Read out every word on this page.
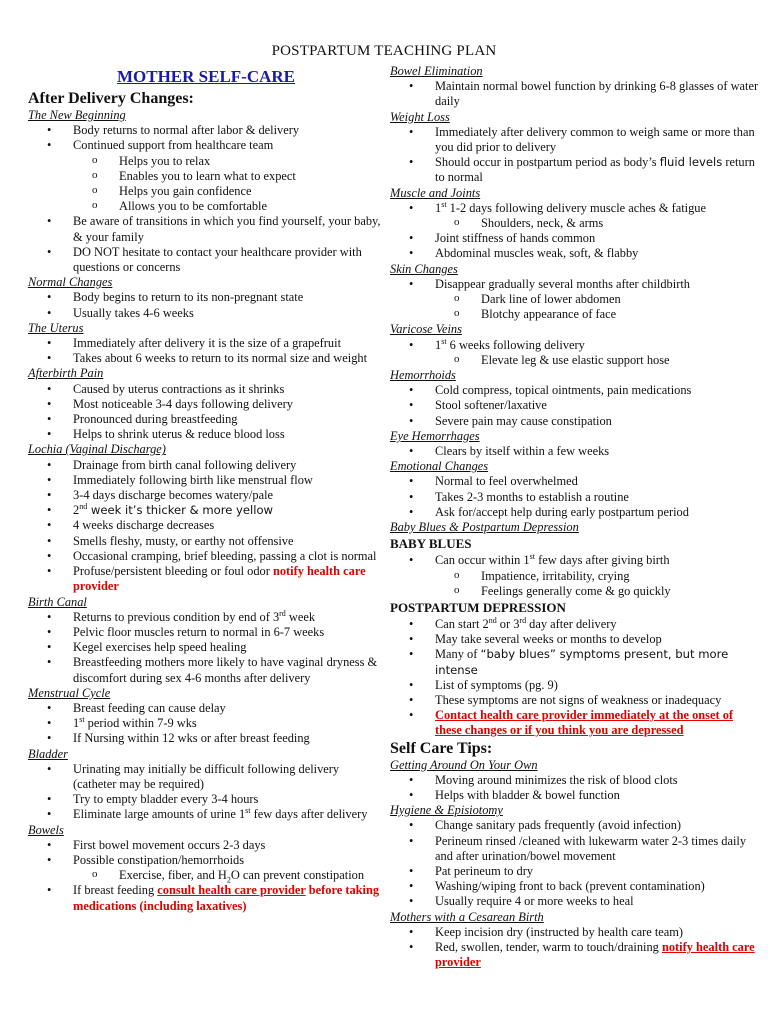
POSTPARTUM TEACHING PLAN
MOTHER SELF-CARE
After Delivery Changes:
The New Beginning
• Body returns to normal after labor & delivery
• Continued support from healthcare team
o Helps you to relax
o Enables you to learn what to expect
o Helps you gain confidence
o Allows you to be comfortable
• Be aware of transitions in which you find yourself, your baby, & your family
• DO NOT hesitate to contact your healthcare provider with questions or concerns
Normal Changes
• Body begins to return to its non-pregnant state
• Usually takes 4-6 weeks
The Uterus
• Immediately after delivery it is the size of a grapefruit
• Takes about 6 weeks to return to its normal size and weight
Afterbirth Pain
• Caused by uterus contractions as it shrinks
• Most noticeable 3-4 days following delivery
• Pronounced during breastfeeding
• Helps to shrink uterus & reduce blood loss
Lochia (Vaginal Discharge)
• Drainage from birth canal following delivery
• Immediately following birth like menstrual flow
• 3-4 days discharge becomes watery/pale
• 2nd week it’s thicker & more yellow
• 4 weeks discharge decreases
• Smells fleshy, musty, or earthy not offensive
• Occasional cramping, brief bleeding, passing a clot is normal
• Profuse/persistent bleeding or foul odor notify health care provider
Birth Canal
• Returns to previous condition by end of 3rd week
• Pelvic floor muscles return to normal in 6-7 weeks
• Kegel exercises help speed healing
• Breastfeeding mothers more likely to have vaginal dryness & discomfort during sex 4-6 months after delivery
Menstrual Cycle
• Breast feeding can cause delay
• 1st period within 7-9 wks
• If Nursing within 12 wks or after breast feeding
Bladder
• Urinating may initially be difficult following delivery (catheter may be required)
• Try to empty bladder every 3-4 hours
• Eliminate large amounts of urine 1st few days after delivery
Bowels
• First bowel movement occurs 2-3 days
• Possible constipation/hemorrhoids
o Exercise, fiber, and $H_2O$ can prevent constipation
• If breast feeding consult health care provider before taking medications (including laxatives)
Bowel Elimination
• Maintain normal bowel function by drinking 6-8 glasses of water daily
Weight Loss
• Immediately after delivery common to weigh same or more than you did prior to delivery
• Should occur in postpartum period as body’s fluid levels return to normal
Muscle and Joints
• 1st 1-2 days following delivery muscle aches & fatigue
o Shoulders, neck, & arms
• Joint stiffness of hands common
• Abdominal muscles weak, soft, & flabby
Skin Changes
• Disappear gradually several months after childbirth
o Dark line of lower abdomen
o Blotchy appearance of face
Varicose Veins
• 1st 6 weeks following delivery
o Elevate leg & use elastic support hose
Hemorrhoids
• Cold compress, topical ointments, pain medications
• Stool softener/laxative
• Severe pain may cause constipation
Eye Hemorrhages
• Clears by itself within a few weeks
Emotional Changes
• Normal to feel overwhelmed
• Takes 2-3 months to establish a routine
• Ask for/accept help during early postpartum period
Baby Blues & Postpartum Depression
BABY BLUES
• Can occur within 1st few days after giving birth
o Impatience, irritability, crying
o Feelings generally come & go quickly
POSTPARTUM DEPRESSION
• Can start 2nd or 3rd day after delivery
• May take several weeks or months to develop
• Many of “baby blues” symptoms present, but more intense
• List of symptoms (pg. 9)
• These symptoms are not signs of weakness or inadequacy
• Contact health care provider immediately at the onset of these changes or if you think you are depressed
Self Care Tips:
Getting Around On Your Own
• Moving around minimizes the risk of blood clots
• Helps with bladder & bowel function
Hygiene & Episiotomy
• Change sanitary pads frequently (avoid infection)
• Perineum rinsed /cleaned with lukewarm water 2-3 times daily and after urination/bowel movement
• Pat perineum to dry
• Washing/wiping front to back (prevent contamination)
• Usually require 4 or more weeks to heal
Mothers with a Cesarean Birth
• Keep incision dry (instructed by health care team)
• Red, swollen, tender, warm to touch/draining notify health care provider
